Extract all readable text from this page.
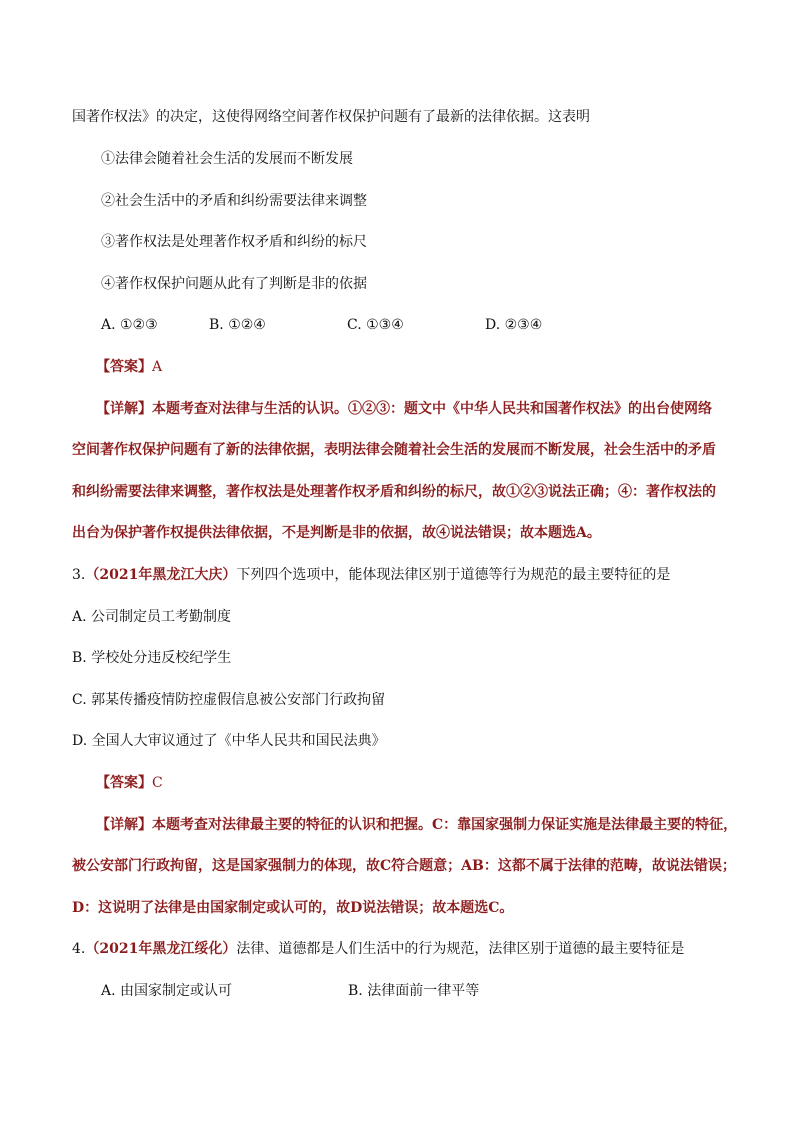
国著作权法》的决定，这使得网络空间著作权保护问题有了最新的法律依据。这表明
①法律会随着社会生活的发展而不断发展
②社会生活中的矛盾和纠纷需要法律来调整
③著作权法是处理著作权矛盾和纠纷的标尺
④著作权保护问题从此有了判断是非的依据
A. ①②③	B. ①②④	C. ①③④	D. ②③④
【答案】A
【详解】本题考查对法律与生活的认识。①②③：题文中《中华人民共和国著作权法》的出台使网络
空间著作权保护问题有了新的法律依据，表明法律会随着社会生活的发展而不断发展，社会生活中的矛盾
和纠纷需要法律来调整，著作权法是处理著作权矛盾和纠纷的标尺，故①②③说法正确；④：著作权法的
出台为保护著作权提供法律依据，不是判断是非的依据，故④说法错误；故本题选A。
3.（2021年黑龙江大庆）下列四个选项中，能体现法律区别于道德等行为规范的最主要特征的是
A. 公司制定员工考勤制度
B. 学校处分违反校纪学生
C. 郭某传播疫情防控虚假信息被公安部门行政拘留
D. 全国人大审议通过了《中华人民共和国民法典》
【答案】C
【详解】本题考查对法律最主要的特征的认识和把握。C：靠国家强制力保证实施是法律最主要的特征，
被公安部门行政拘留，这是国家强制力的体现，故C符合题意；AB：这都不属于法律的范畴，故说法错误；
D：这说明了法律是由国家制定或认可的，故D说法错误；故本题选C。
4.（2021年黑龙江绥化）法律、道德都是人们生活中的行为规范，法律区别于道德的最主要特征是
A. 由国家制定或认可	B. 法律面前一律平等
